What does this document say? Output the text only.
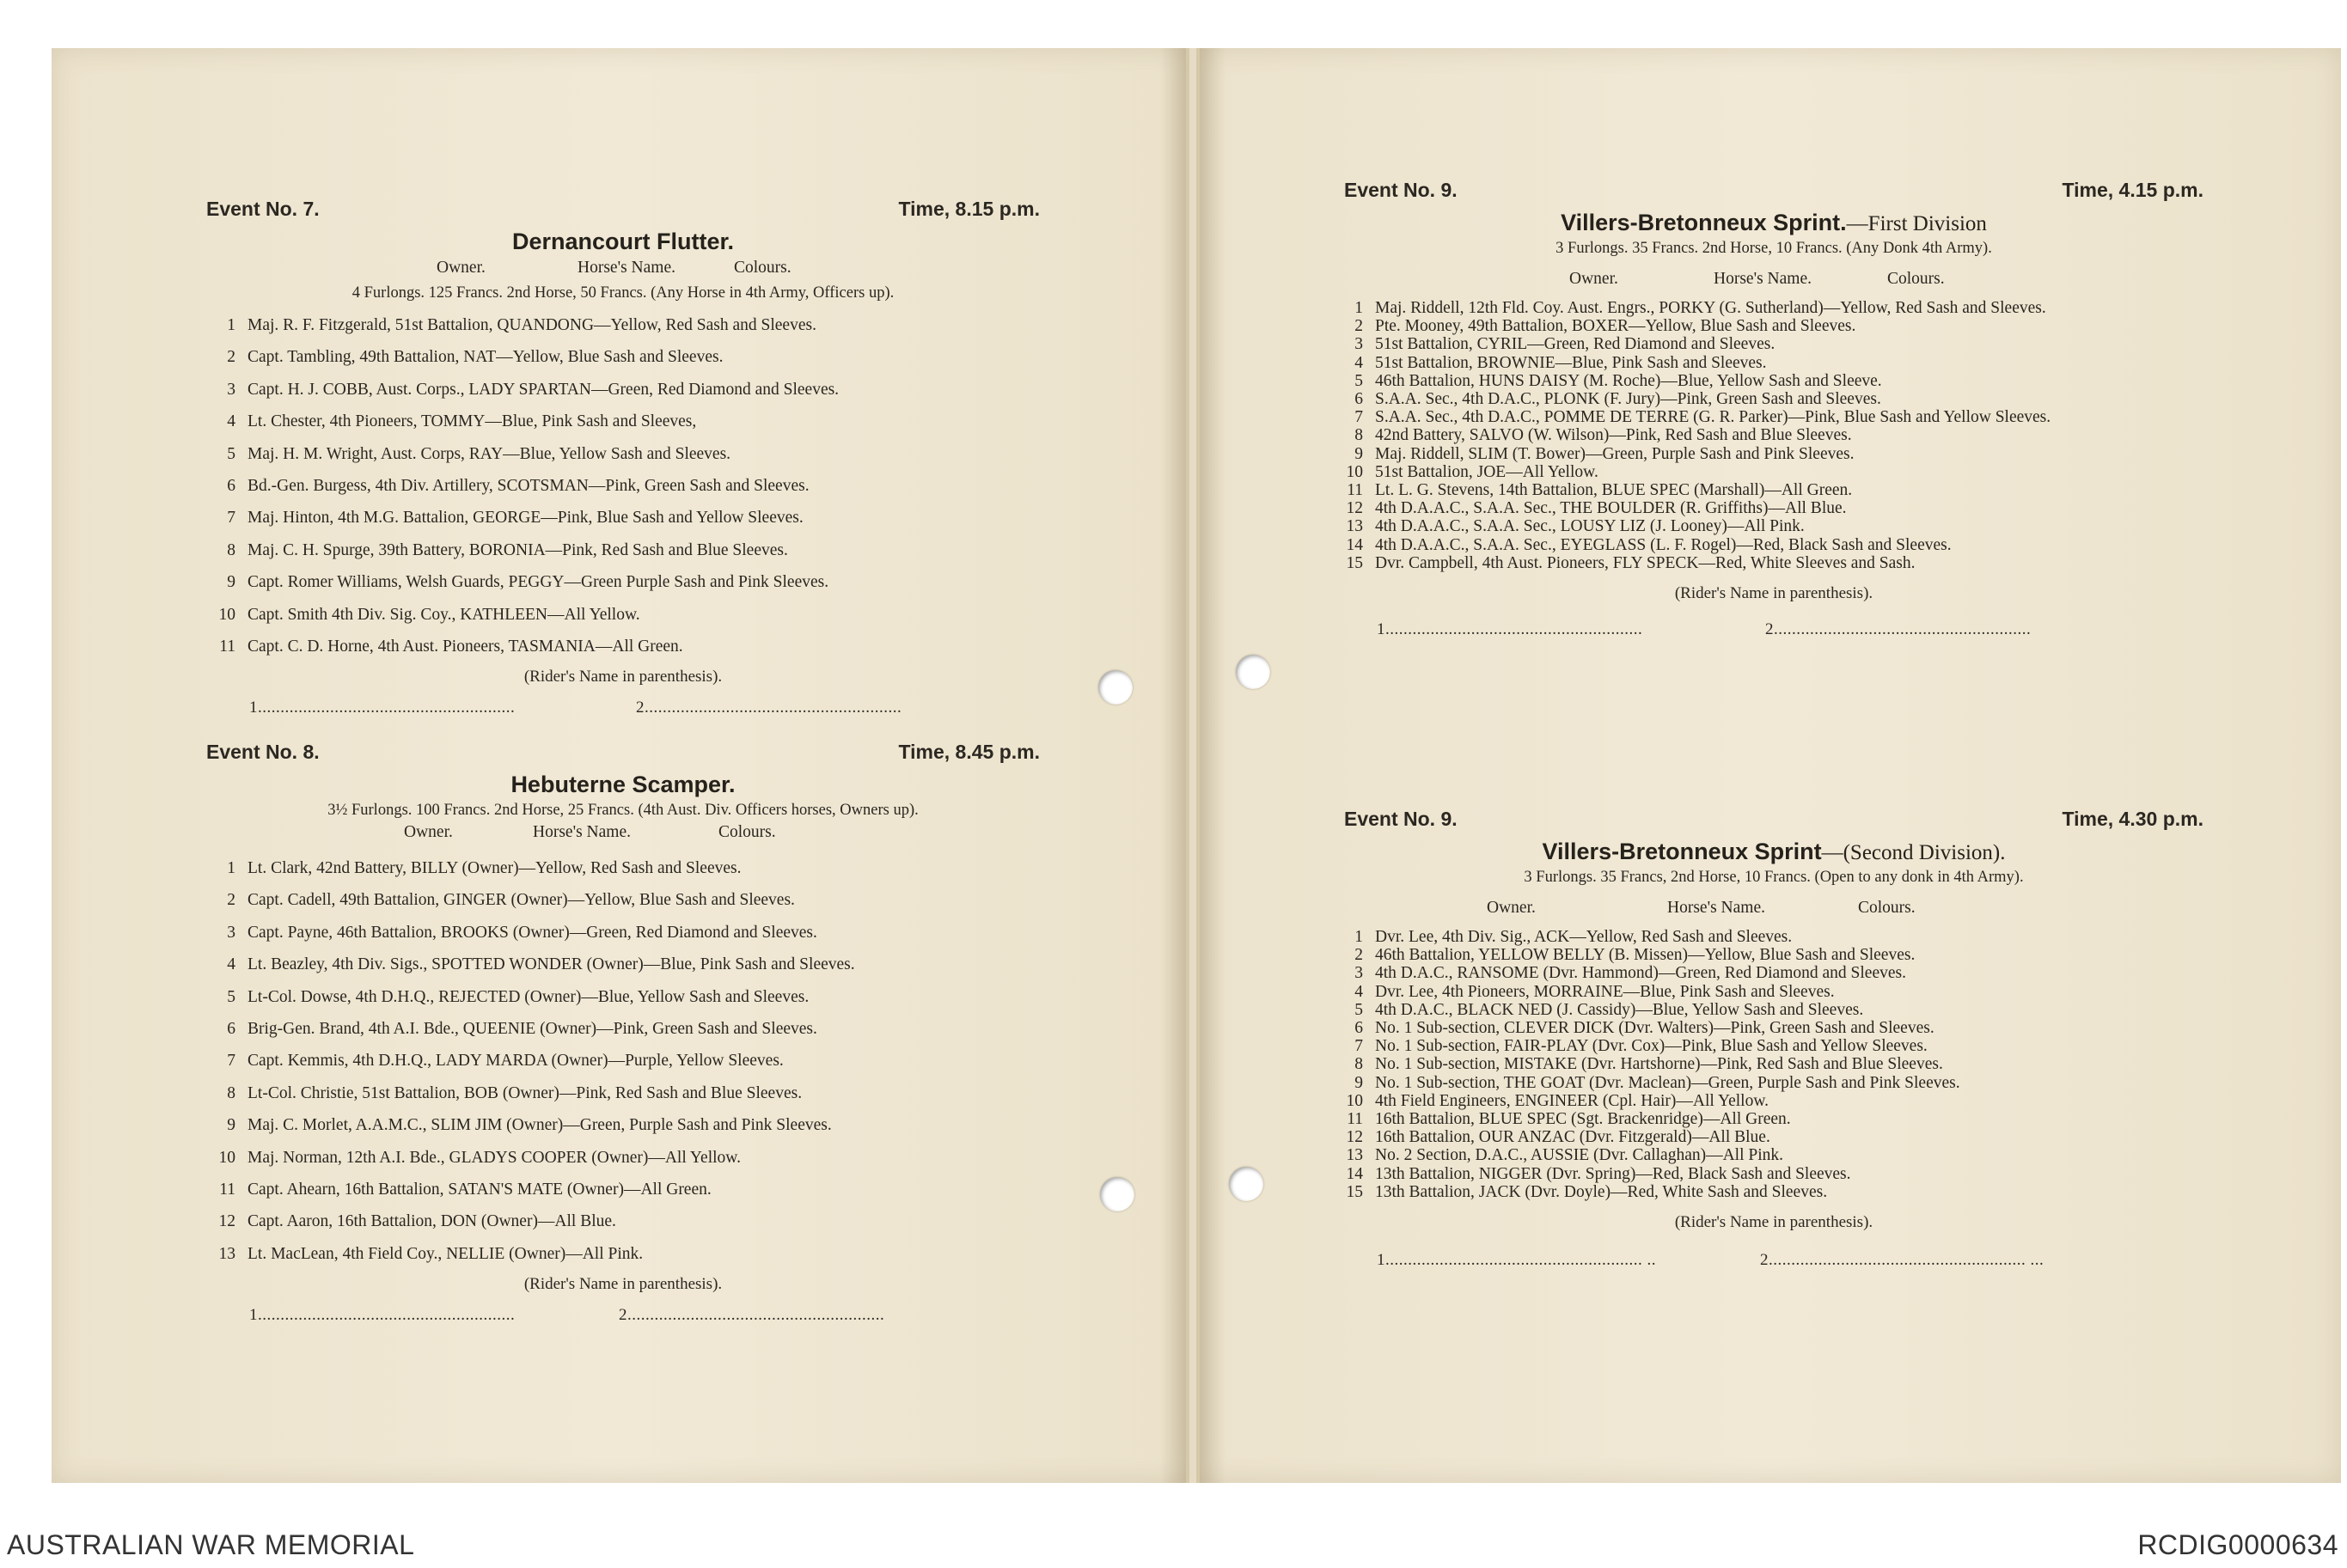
Event No. 7.	Time, 8.15 p.m.
Dernancourt Flutter.
Owner.	Horse's Name.	Colours.
4 Furlongs. 125 Francs. 2nd Horse, 50 Francs. (Any Horse in 4th Army, Officers up).
1 Maj. R. F. Fitzgerald, 51st Battalion, QUANDONG—Yellow, Red Sash and Sleeves.
2 Capt. Tambling, 49th Battalion, NAT—Yellow, Blue Sash and Sleeves.
3 Capt. H. J. COBB, Aust. Corps., LADY SPARTAN—Green, Red Diamond and Sleeves.
4 Lt. Chester, 4th Pioneers, TOMMY—Blue, Pink Sash and Sleeves,
5 Maj. H. M. Wright, Aust. Corps, RAY—Blue, Yellow Sash and Sleeves.
6 Bd.-Gen. Burgess, 4th Div. Artillery, SCOTSMAN—Pink, Green Sash and Sleeves.
7 Maj. Hinton, 4th M.G. Battalion, GEORGE—Pink, Blue Sash and Yellow Sleeves.
8 Maj. C. H. Spurge, 39th Battery, BORONIA—Pink, Red Sash and Blue Sleeves.
9 Capt. Romer Williams, Welsh Guards, PEGGY—Green Purple Sash and Pink Sleeves.
10 Capt. Smith 4th Div. Sig. Coy., KATHLEEN—All Yellow.
11 Capt. C. D. Horne, 4th Aust. Pioneers, TASMANIA—All Green.
(Rider's Name in parenthesis).
1.........................................................	2.........................................................
Event No. 8.	Time, 8.45 p.m.
Hebuterne Scamper.
3½ Furlongs. 100 Francs. 2nd Horse, 25 Francs. (4th Aust. Div. Officers horses, Owners up).
Owner.	Horse's Name.	Colours.
1 Lt. Clark, 42nd Battery, BILLY (Owner)—Yellow, Red Sash and Sleeves.
2 Capt. Cadell, 49th Battalion, GINGER (Owner)—Yellow, Blue Sash and Sleeves.
3 Capt. Payne, 46th Battalion, BROOKS (Owner)—Green, Red Diamond and Sleeves.
4 Lt. Beazley, 4th Div. Sigs., SPOTTED WONDER (Owner)—Blue, Pink Sash and Sleeves.
5 Lt-Col. Dowse, 4th D.H.Q., REJECTED (Owner)—Blue, Yellow Sash and Sleeves.
6 Brig-Gen. Brand, 4th A.I. Bde., QUEENIE (Owner)—Pink, Green Sash and Sleeves.
7 Capt. Kemmis, 4th D.H.Q., LADY MARDA (Owner)—Purple, Yellow Sleeves.
8 Lt-Col. Christie, 51st Battalion, BOB (Owner)—Pink, Red Sash and Blue Sleeves.
9 Maj. C. Morlet, A.A.M.C., SLIM JIM (Owner)—Green, Purple Sash and Pink Sleeves.
10 Maj. Norman, 12th A.I. Bde., GLADYS COOPER (Owner)—All Yellow.
11 Capt. Ahearn, 16th Battalion, SATAN'S MATE (Owner)—All Green.
12 Capt. Aaron, 16th Battalion, DON (Owner)—All Blue.
13 Lt. MacLean, 4th Field Coy., NELLIE (Owner)—All Pink.
(Rider's Name in parenthesis).
1.........................................................	2.........................................................
Event No. 9.	Time, 4.15 p.m.
Villers-Bretonneux Sprint.—First Division
3 Furlongs. 35 Francs. 2nd Horse, 10 Francs. (Any Donk 4th Army).
Owner.	Horse's Name.	Colours.
1 Maj. Riddell, 12th Fld. Coy. Aust. Engrs., PORKY (G. Sutherland)—Yellow, Red Sash and Sleeves.
2 Pte. Mooney, 49th Battalion, BOXER—Yellow, Blue Sash and Sleeves.
3 51st Battalion, CYRIL—Green, Red Diamond and Sleeves.
4 51st Battalion, BROWNIE—Blue, Pink Sash and Sleeves.
5 46th Battalion, HUNS DAISY (M. Roche)—Blue, Yellow Sash and Sleeve.
6 S.A.A. Sec., 4th D.A.C., PLONK (F. Jury)—Pink, Green Sash and Sleeves.
7 S.A.A. Sec., 4th D.A.C., POMME DE TERRE (G. R. Parker)—Pink, Blue Sash and Yellow Sleeves.
8 42nd Battery, SALVO (W. Wilson)—Pink, Red Sash and Blue Sleeves.
9 Maj. Riddell, SLIM (T. Bower)—Green, Purple Sash and Pink Sleeves.
10 51st Battalion, JOE—All Yellow.
11 Lt. L. G. Stevens, 14th Battalion, BLUE SPEC (Marshall)—All Green.
12 4th D.A.A.C., S.A.A. Sec., THE BOULDER (R. Griffiths)—All Blue.
13 4th D.A.A.C., S.A.A. Sec., LOUSY LIZ (J. Looney)—All Pink.
14 4th D.A.A.C., S.A.A. Sec., EYEGLASS (L. F. Rogel)—Red, Black Sash and Sleeves.
15 Dvr. Campbell, 4th Aust. Pioneers, FLY SPECK—Red, White Sleeves and Sash.
(Rider's Name in parenthesis).
1.........................................................	2.........................................................
Event No. 9.	Time, 4.30 p.m.
Villers-Bretonneux Sprint—(Second Division).
3 Furlongs. 35 Francs, 2nd Horse, 10 Francs. (Open to any donk in 4th Army).
Owner.	Horse's Name.	Colours.
1 Dvr. Lee, 4th Div. Sig., ACK—Yellow, Red Sash and Sleeves.
2 46th Battalion, YELLOW BELLY (B. Missen)—Yellow, Blue Sash and Sleeves.
3 4th D.A.C., RANSOME (Dvr. Hammond)—Green, Red Diamond and Sleeves.
4 Dvr. Lee, 4th Pioneers, MORRAINE—Blue, Pink Sash and Sleeves.
5 4th D.A.C., BLACK NED (J. Cassidy)—Blue, Yellow Sash and Sleeves.
6 No. 1 Sub-section, CLEVER DICK (Dvr. Walters)—Pink, Green Sash and Sleeves.
7 No. 1 Sub-section, FAIR-PLAY (Dvr. Cox)—Pink, Blue Sash and Yellow Sleeves.
8 No. 1 Sub-section, MISTAKE (Dvr. Hartshorne)—Pink, Red Sash and Blue Sleeves.
9 No. 1 Sub-section, THE GOAT (Dvr. Maclean)—Green, Purple Sash and Pink Sleeves.
10 4th Field Engineers, ENGINEER (Cpl. Hair)—All Yellow.
11 16th Battalion, BLUE SPEC (Sgt. Brackenridge)—All Green.
12 16th Battalion, OUR ANZAC (Dvr. Fitzgerald)—All Blue.
13 No. 2 Section, D.A.C., AUSSIE (Dvr. Callaghan)—All Pink.
14 13th Battalion, NIGGER (Dvr. Spring)—Red, Black Sash and Sleeves.
15 13th Battalion, JACK (Dvr. Doyle)—Red, White Sash and Sleeves.
(Rider's Name in parenthesis).
1......................................................... ..	2......................................................... ...
AUSTRALIAN WAR MEMORIAL	RCDIG0000634
